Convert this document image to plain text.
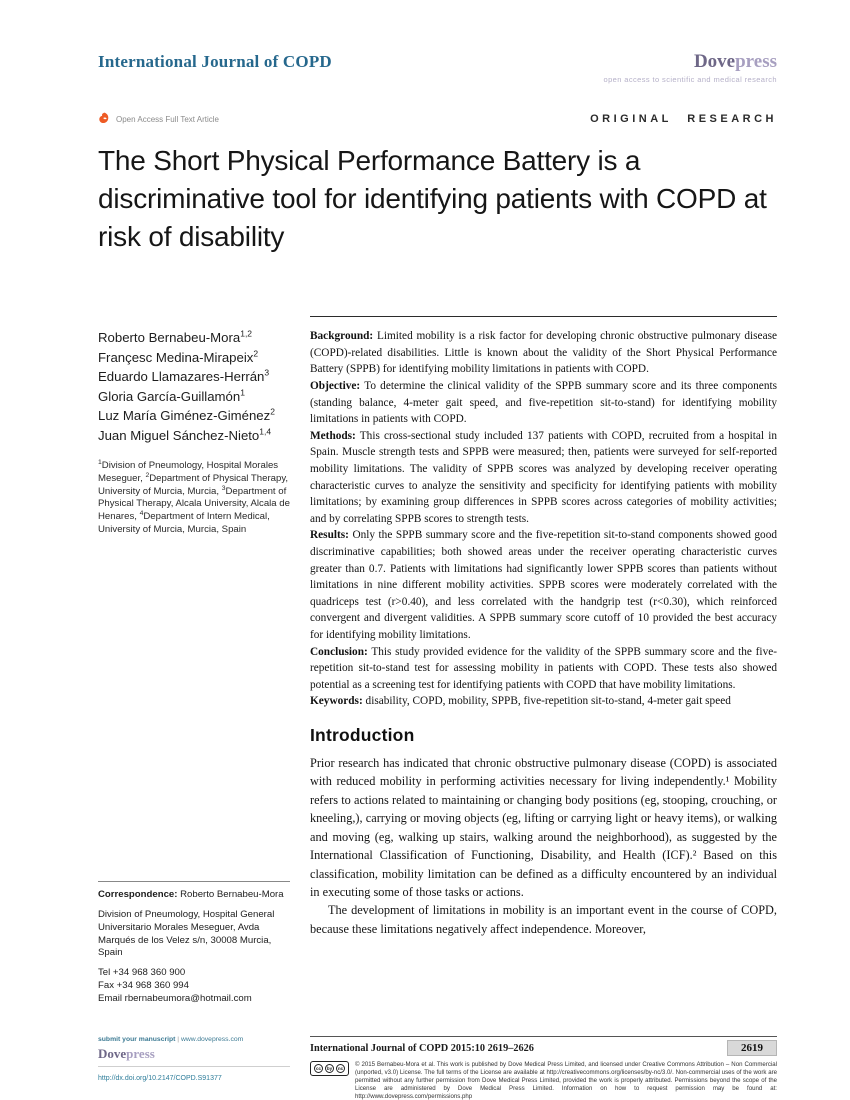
International Journal of COPD	Dovepress
open access to scientific and medical research
Open Access Full Text Article	ORIGINAL RESEARCH
The Short Physical Performance Battery is a discriminative tool for identifying patients with COPD at risk of disability
Roberto Bernabeu-Mora$^{1,2}$
Françesc Medina-Mirapeix$^2$
Eduardo Llamazares-Herrán$^3$
Gloria García-Guillamón$^1$
Luz María Giménez-Giménez$^2$
Juan Miguel Sánchez-Nieto$^{1,4}$

$^1$Division of Pneumology, Hospital Morales Meseguer, $^2$Department of Physical Therapy, University of Murcia, Murcia, $^3$Department of Physical Therapy, Alcala University, Alcala de Henares, $^4$Department of Intern Medical, University of Murcia, Murcia, Spain

Correspondence: Roberto Bernabeu-Mora

Division of Pneumology, Hospital General Universitario Morales Meseguer, Avda Marqués de los Velez s/n, 30008 Murcia, Spain

Tel +34 968 360 900

Fax +34 968 360 994

Email rbernabeumora@hotmail.com

Background: Limited mobility is a risk factor for developing chronic obstructive pulmonary disease (COPD)-related disabilities. Little is known about the validity of the Short Physical Performance Battery (SPPB) for identifying mobility limitations in patients with COPD.

Objective: To determine the clinical validity of the SPPB summary score and its three components (standing balance, 4-meter gait speed, and five-repetition sit-to-stand) for identifying mobility limitations in patients with COPD.

Methods: This cross-sectional study included 137 patients with COPD, recruited from a hospital in Spain. Muscle strength tests and SPPB were measured; then, patients were surveyed for self-reported mobility limitations. The validity of SPPB scores was analyzed by developing receiver operating characteristic curves to analyze the sensitivity and specificity for identifying patients with mobility limitations; by examining group differences in SPPB scores across categories of mobility activities; and by correlating SPPB scores to strength tests.

Results: Only the SPPB summary score and the five-repetition sit-to-stand components showed good discriminative capabilities; both showed areas under the receiver operating characteristic curves greater than 0.7. Patients with limitations had significantly lower SPPB scores than patients without limitations in nine different mobility activities. SPPB scores were moderately correlated with the quadriceps test (r>0.40), and less correlated with the handgrip test (r<0.30), which reinforced convergent and divergent validities. A SPPB summary score cutoff of 10 provided the best accuracy for identifying mobility limitations.

Conclusion: This study provided evidence for the validity of the SPPB summary score and the five-repetition sit-to-stand test for assessing mobility in patients with COPD. These tests also showed potential as a screening test for identifying patients with COPD that have mobility limitations.

Keywords: disability, COPD, mobility, SPPB, five-repetition sit-to-stand, 4-meter gait speed

Introduction

Prior research has indicated that chronic obstructive pulmonary disease (COPD) is associated with reduced mobility in performing activities necessary for living independently.¹ Mobility refers to actions related to maintaining or changing body positions (eg, stooping, crouching, or kneeling,), carrying or moving objects (eg, lifting or carrying light or heavy items), or walking and moving (eg, walking up stairs, walking around the neighborhood), as suggested by the International Classification of Functioning, Disability, and Health (ICF).² Based on this classification, mobility limitation can be defined as a difficulty encountered by an individual in executing some of those tasks or actions.

The development of limitations in mobility is an important event in the course of COPD, because these limitations negatively affect independence. Moreover,

submit your manuscript | www.dovepress.com
Dovepress
http://dx.doi.org/10.2147/COPD.S91377
International Journal of COPD 2015:10 2619–2626	2619
cc	by	nc

© 2015 Bernabeu-Mora et al. This work is published by Dove Medical Press Limited, and licensed under Creative Commons Attribution – Non Commercial (unported, v3.0) License. The full terms of the License are available at http://creativecommons.org/licenses/by-nc/3.0/. Non-commercial uses of the work are permitted without any further permission from Dove Medical Press Limited, provided the work is properly attributed. Permissions beyond the scope of the License are administered by Dove Medical Press Limited. Information on how to request permission may be found at: http://www.dovepress.com/permissions.php
